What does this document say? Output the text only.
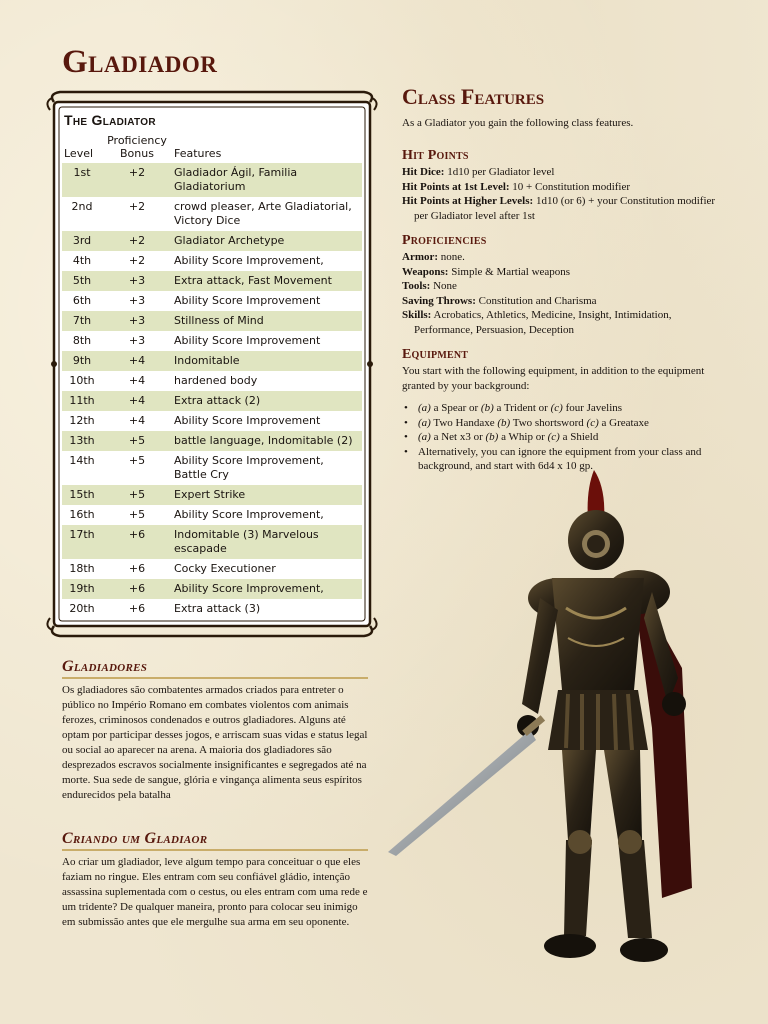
Gladiador
The Gladiator
Level	Proficiency Bonus	Features
1st	+2	Gladiador Ágil, Familia Gladiatorium
2nd	+2	crowd pleaser, Arte Gladiatorial, Victory Dice
3rd	+2	Gladiator Archetype
4th	+2	Ability Score Improvement,
5th	+3	Extra attack, Fast Movement
6th	+3	Ability Score Improvement
7th	+3	Stillness of Mind
8th	+3	Ability Score Improvement
9th	+4	Indomitable
10th	+4	hardened body
11th	+4	Extra attack (2)
12th	+4	Ability Score Improvement
13th	+5	battle language, Indomitable (2)
14th	+5	Ability Score Improvement, Battle Cry
15th	+5	Expert Strike
16th	+5	Ability Score Improvement,
17th	+6	Indomitable (3) Marvelous escapade
18th	+6	Cocky Executioner
19th	+6	Ability Score Improvement,
20th	+6	Extra attack (3)
Class Features

As a Gladiator you gain the following class features.

Hit Points

Hit Dice: 1d10 per Gladiator level

Hit Points at 1st Level: 10 + Constitution modifier

Hit Points at Higher Levels: 1d10 (or 6) + your Constitution modifier per Gladiator level after 1st

Proficiencies

Armor: none.

Weapons: Simple & Martial weapons

Tools: None

Saving Throws: Constitution and Charisma

Skills: Acrobatics, Athletics, Medicine, Insight, Intimidation, Performance, Persuasion, Deception

Equipment

You start with the following equipment, in addition to the equipment granted by your background:

• (a) a Spear or (b) a Trident or (c) four Javelins
• (a) Two Handaxe (b) Two shortsword (c) a Greataxe
• (a) a Net x3 or (b) a Whip or (c) a Shield
• Alternatively, you can ignore the equipment from your class and background, and start with 6d4 x 10 gp.
Gladiadores

Os gladiadores são combatentes armados criados para entreter o público no Império Romano em combates violentos com animais ferozes, criminosos condenados e outros gladiadores. Alguns até optam por participar desses jogos, e arriscam suas vidas e status legal ou social ao aparecer na arena. A maioria dos gladiadores são desprezados escravos socialmente insignificantes e segregados até na morte. Sua sede de sangue, glória e vingança alimenta seus espíritos endurecidos pela batalha

Criando um Gladiaor

Ao criar um gladiador, leve algum tempo para conceituar o que eles faziam no ringue. Eles entram com seu confiável gládio, intenção assassina suplementada com o cestus, ou eles entram com uma rede e um tridente? De qualquer maneira, pronto para colocar seu inimigo em submissão antes que ele mergulhe sua arma em seu oponente.
